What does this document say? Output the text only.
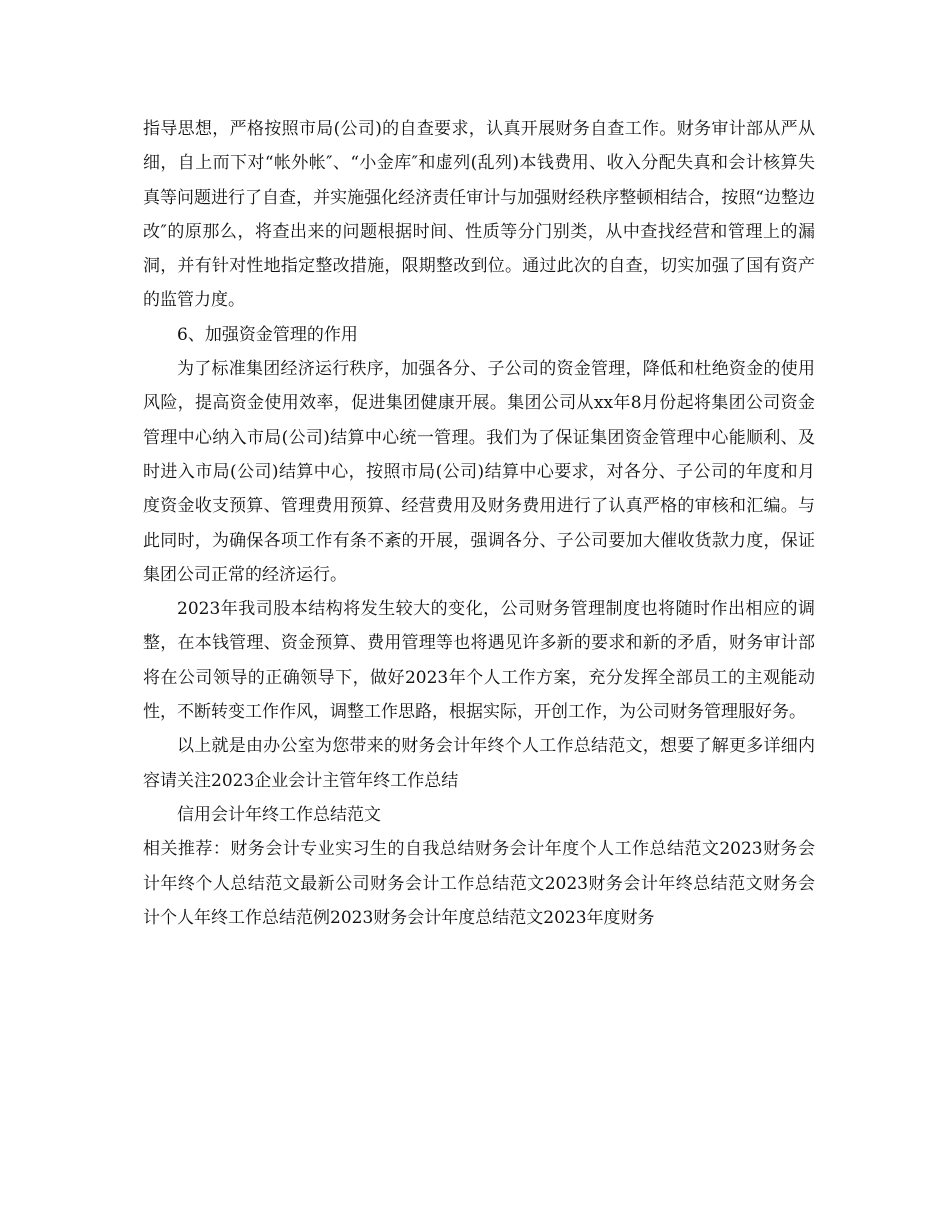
指导思想，严格按照市局(公司)的自查要求，认真开展财务自查工作。财务审计部从严从细，自上而下对“帐外帐″、“小金库″和虚列(乱列)本钱费用、收入分配失真和会计核算失真等问题进行了自查，并实施强化经济责任审计与加强财经秩序整顿相结合，按照“边整边改″的原那么，将查出来的问题根据时间、性质等分门别类，从中查找经营和管理上的漏洞，并有针对性地指定整改措施，限期整改到位。通过此次的自查，切实加强了国有资产的监管力度。

6、加强资金管理的作用

为了标准集团经济运行秩序，加强各分、子公司的资金管理，降低和杜绝资金的使用风险，提高资金使用效率，促进集团健康开展。集团公司从xx年8月份起将集团公司资金管理中心纳入市局(公司)结算中心统一管理。我们为了保证集团资金管理中心能顺利、及时进入市局(公司)结算中心，按照市局(公司)结算中心要求，对各分、子公司的年度和月度资金收支预算、管理费用预算、经营费用及财务费用进行了认真严格的审核和汇编。与此同时，为确保各项工作有条不紊的开展，强调各分、子公司要加大催收货款力度，保证集团公司正常的经济运行。

2023年我司股本结构将发生较大的变化，公司财务管理制度也将随时作出相应的调整，在本钱管理、资金预算、费用管理等也将遇见许多新的要求和新的矛盾，财务审计部将在公司领导的正确领导下，做好2023年个人工作方案，充分发挥全部员工的主观能动性，不断转变工作作风，调整工作思路，根据实际，开创工作，为公司财务管理服好务。

以上就是由办公室为您带来的财务会计年终个人工作总结范文，想要了解更多详细内容请关注2023企业会计主管年终工作总结

信用会计年终工作总结范文

相关推荐：财务会计专业实习生的自我总结财务会计年度个人工作总结范文2023财务会计年终个人总结范文最新公司财务会计工作总结范文2023财务会计年终总结范文财务会计个人年终工作总结范例2023财务会计年度总结范文2023年度财务
